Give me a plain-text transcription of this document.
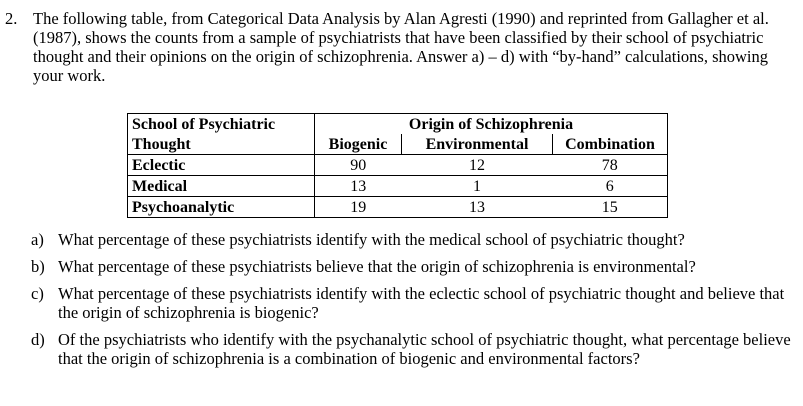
2. The following table, from Categorical Data Analysis by Alan Agresti (1990) and reprinted from Gallagher et al. (1987), shows the counts from a sample of psychiatrists that have been classified by their school of psychiatric thought and their opinions on the origin of schizophrenia. Answer a) – d) with “by-hand” calculations, showing your work.

School of Psychiatric	Origin of Schizophrenia		
Thought	Biogenic	Environmental	Combination
Eclectic	90	12	78
Medical	13	1	6
Psychoanalytic	19	13	15
a) What percentage of these psychiatrists identify with the medical school of psychiatric thought?
b) What percentage of these psychiatrists believe that the origin of schizophrenia is environmental?
c) What percentage of these psychiatrists identify with the eclectic school of psychiatric thought and believe that the origin of schizophrenia is biogenic?
d) Of the psychiatrists who identify with the psychanalytic school of psychiatric thought, what percentage believe that the origin of schizophrenia is a combination of biogenic and environmental factors?
